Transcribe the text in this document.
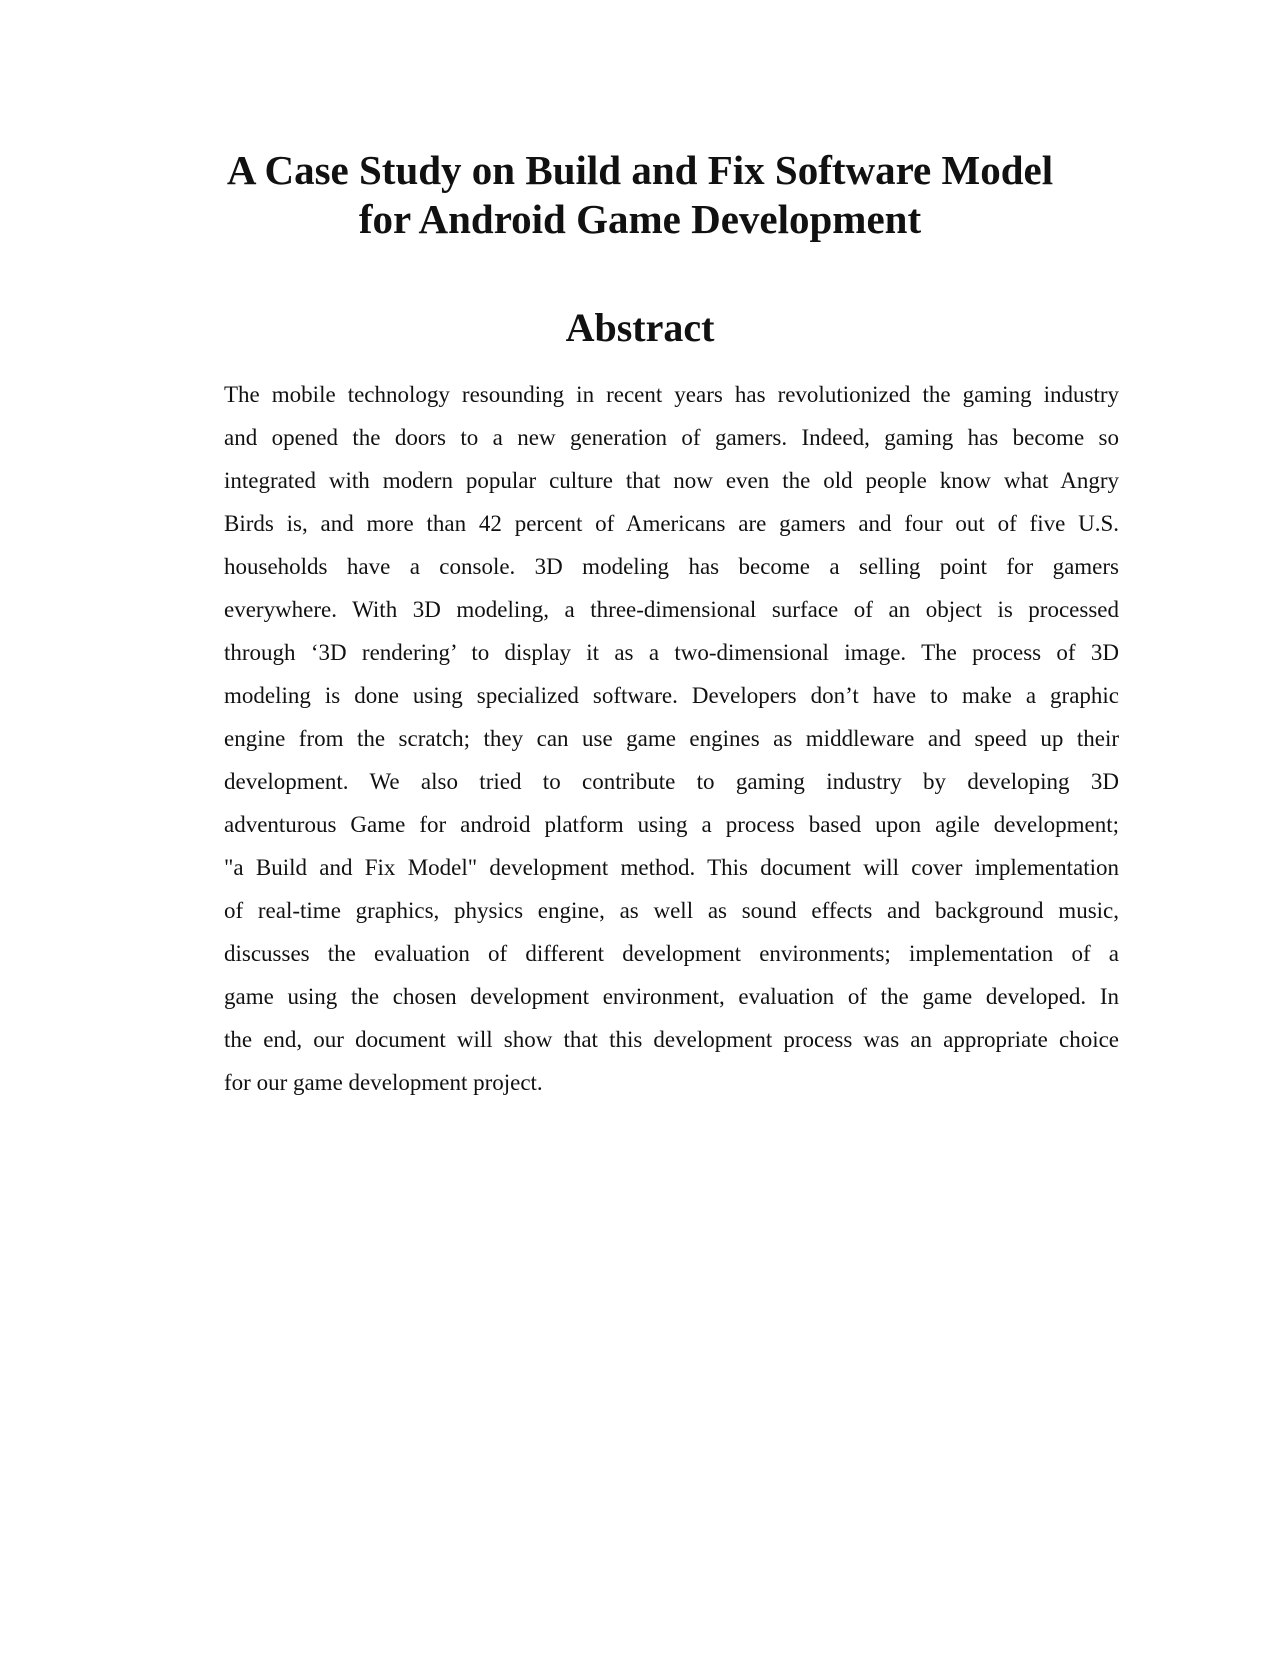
A Case Study on Build and Fix Software Model
for Android Game Development
Abstract
The mobile technology resounding in recent years has revolutionized the gaming industry
and opened the doors to a new generation of gamers. Indeed, gaming has become so
integrated with modern popular culture that now even the old people know what Angry
Birds is, and more than 42 percent of Americans are gamers and four out of five U.S.
households have a console. 3D modeling has become a selling point for gamers
everywhere. With 3D modeling, a three-dimensional surface of an object is processed
through ‘3D rendering’ to display it as a two-dimensional image. The process of 3D
modeling is done using specialized software. Developers don’t have to make a graphic
engine from the scratch; they can use game engines as middleware and speed up their
development. We also tried to contribute to gaming industry by developing 3D
adventurous Game for android platform using a process based upon agile development;
"a Build and Fix Model" development method. This document will cover implementation
of real-time graphics, physics engine, as well as sound effects and background music,
discusses the evaluation of different development environments; implementation of a
game using the chosen development environment, evaluation of the game developed. In
the end, our document will show that this development process was an appropriate choice
for our game development project.
